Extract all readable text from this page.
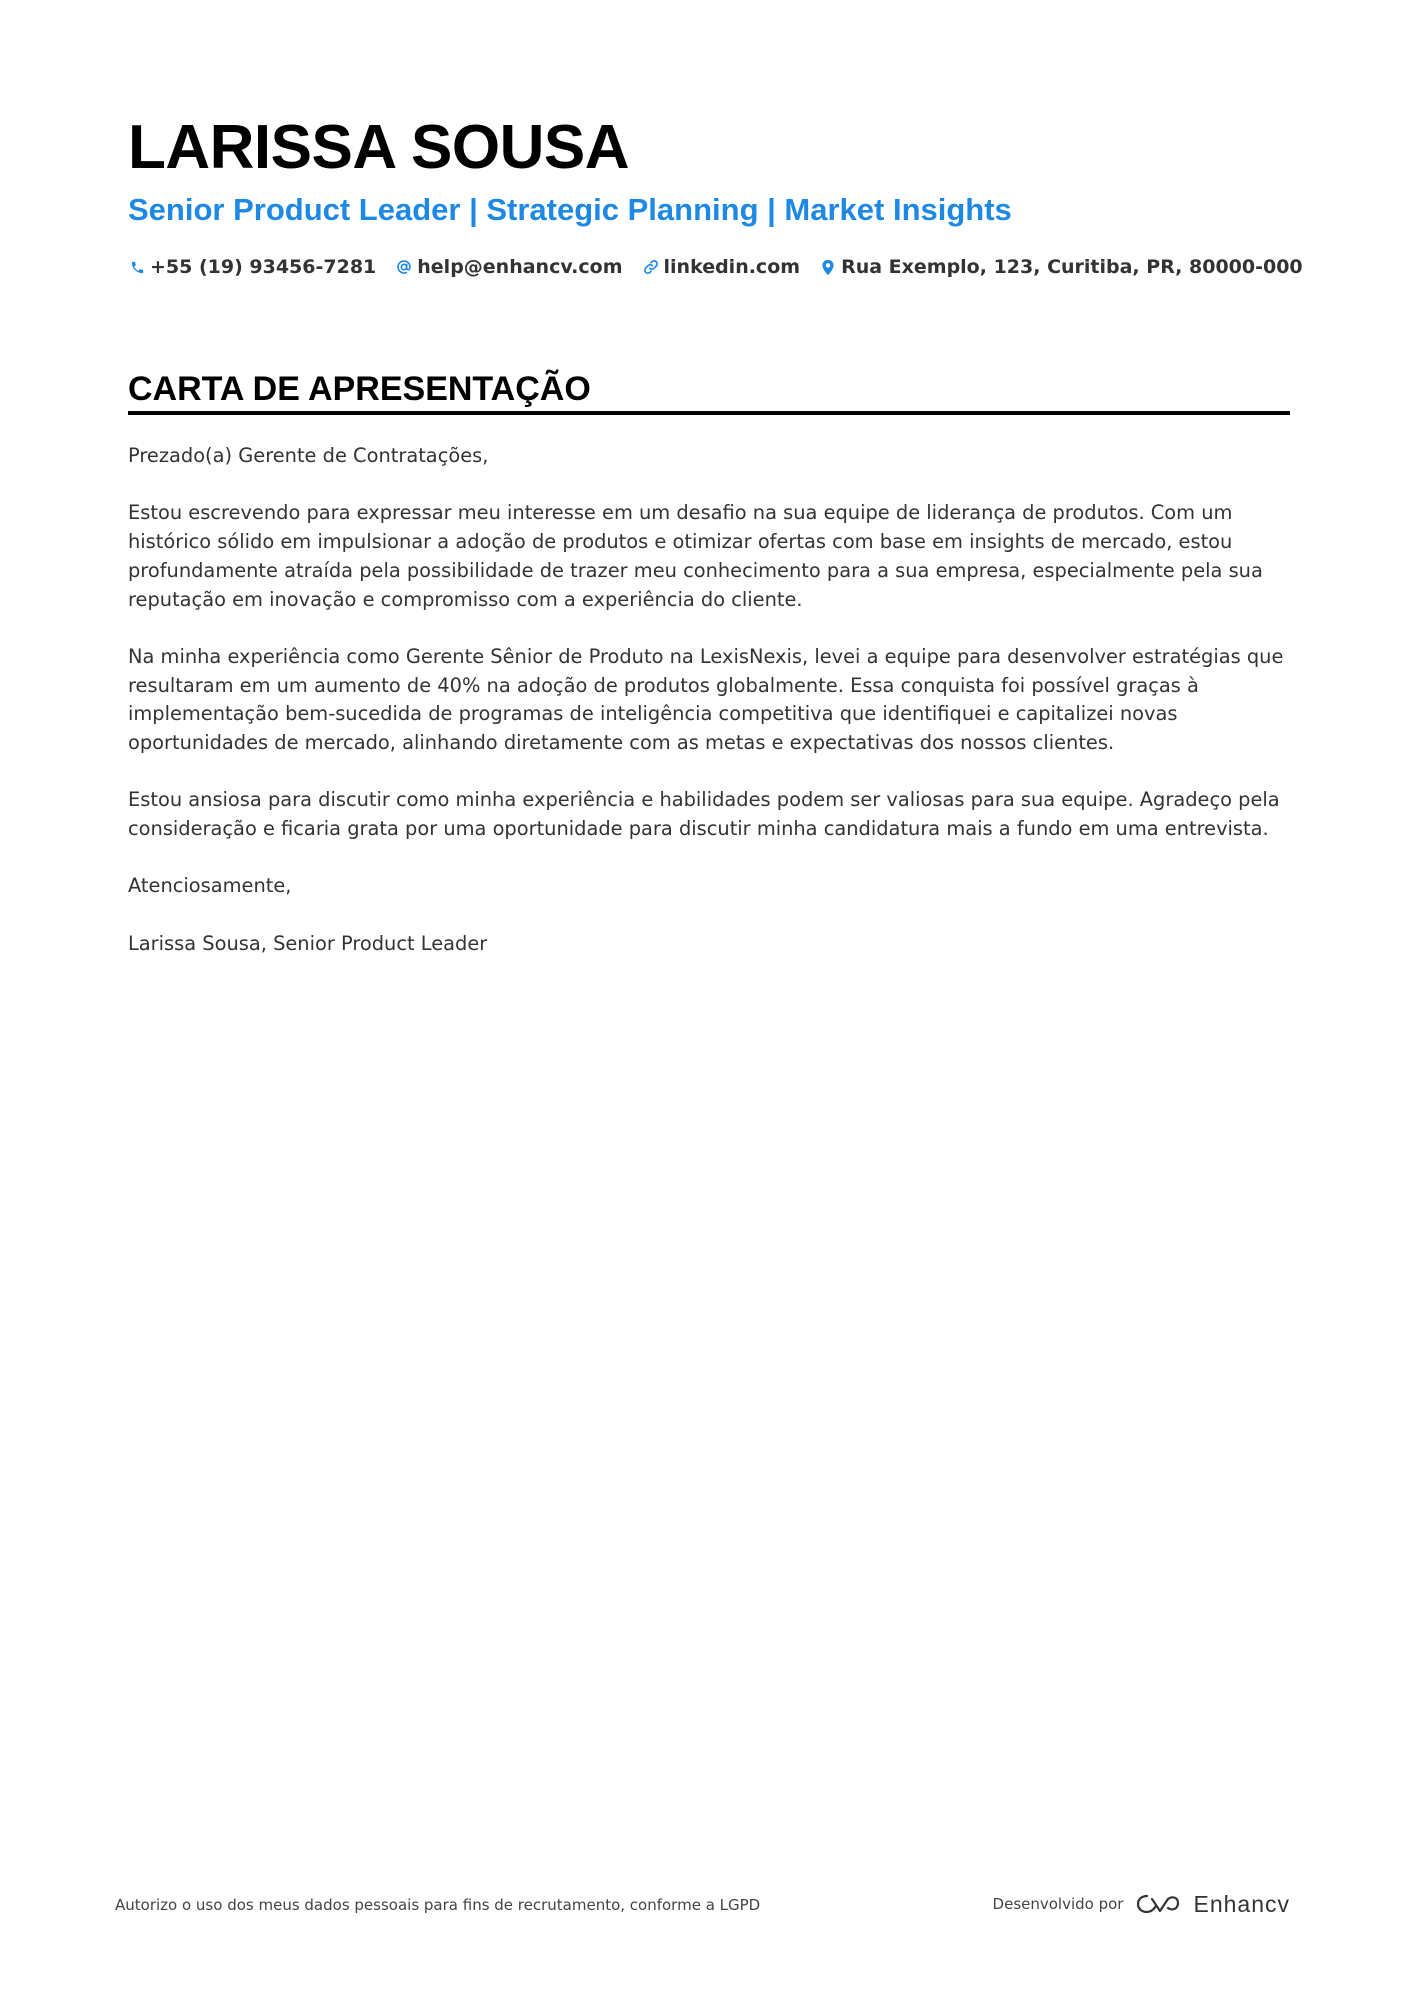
LARISSA SOUSA
Senior Product Leader | Strategic Planning | Market Insights
+55 (19) 93456-7281 help@enhancv.com linkedin.com Rua Exemplo, 123, Curitiba, PR, 80000-000
CARTA DE APRESENTAÇÃO

Prezado(a) Gerente de Contratações,

Estou escrevendo para expressar meu interesse em um desafio na sua equipe de liderança de produtos. Com um histórico sólido em impulsionar a adoção de produtos e otimizar ofertas com base em insights de mercado, estou profundamente atraída pela possibilidade de trazer meu conhecimento para a sua empresa, especialmente pela sua reputação em inovação e compromisso com a experiência do cliente.

Na minha experiência como Gerente Sênior de Produto na LexisNexis, levei a equipe para desenvolver estratégias que resultaram em um aumento de 40% na adoção de produtos globalmente. Essa conquista foi possível graças à implementação bem-sucedida de programas de inteligência competitiva que identifiquei e capitalizei novas oportunidades de mercado, alinhando diretamente com as metas e expectativas dos nossos clientes.

Estou ansiosa para discutir como minha experiência e habilidades podem ser valiosas para sua equipe. Agradeço pela consideração e ficaria grata por uma oportunidade para discutir minha candidatura mais a fundo em uma entrevista.

Atenciosamente,

Larissa Sousa, Senior Product Leader

Autorizo o uso dos meus dados pessoais para fins de recrutamento, conforme a LGPD	Desenvolvido por	Enhancv
